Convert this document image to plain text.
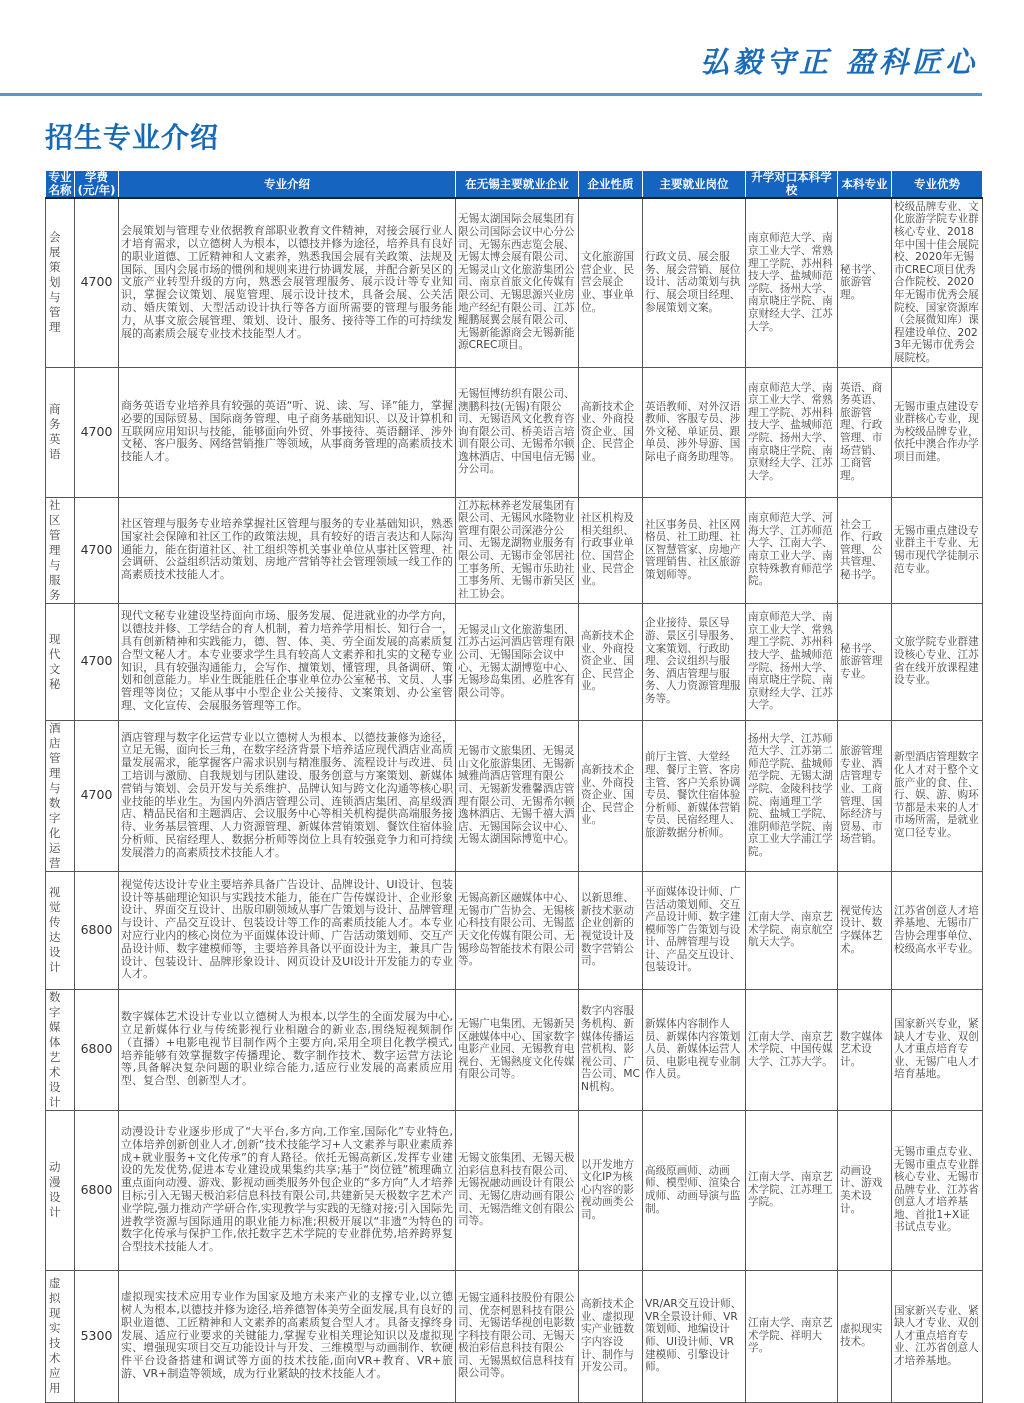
弘毅守正 盈科匠心
招生专业介绍
专业名称	学费(元/年)	专业介绍	在无锡主要就业企业	企业性质	主要就业岗位	升学对口本科学校	本科专业	专业优势
会展策划与管理	4700	会展策划与管理专业依据教育部职业教育文件精神，对接会展行业人才培育需求，以立德树人为根本，以德技并修为途径，培养具有良好的职业道德、工匠精神和人文素养，熟悉我国会展有关政策、法规及国际、国内会展市场的惯例和规则来进行协调发展，并配合新吴区的文旅产业转型升级的方向，熟悉会展管理服务、展示设计等专业知识，掌握会议策划、展览管理、展示设计技术，具备会展、公关活动、婚庆策划、大型活动设计执行等各方面所需要的管理与服务能力，从事文旅会展管理、策划、设计、服务、接待等工作的可持续发展的高素质会展专业技术技能型人才。	无锡太湖国际会展集团有限公司国际会议中心分公司、无锡东西志览会展、无锡太博会展有限公司、无锡灵山文化旅游集团公司、南京首旅文化传媒有限公司、无锡思源兴业房地产经纪有限公司、江苏鲲鹏展翼会展有限公司、无锡新能源商会无锡新能源CREC项目。	文化旅游国营企业、民营会展企业、事业单位。	行政文员、展会服务、展会营销、展位设计、活动策划与执行、展会项目经理、参展策划文案。	南京师范大学、南京工业大学、常熟理工学院、苏州科技大学、盐城师范学院、扬州大学、南京晓庄学院、南京财经大学、江苏大学。	秘书学、旅游管理。	校级品牌专业、文化旅游学院专业群核心专业、2018年中国十佳会展院校、2020年无锡市CREC项目优秀合作院校、2020年无锡市优秀会展院校、国家资源库（会展微知库）课程建设单位、2023年无锡市优秀会展院校。
商务英语	4700	商务英语专业培养具有较强的英语“听、说、读、写、译”能力，掌握必要的国际贸易、国际商务管理、电子商务基础知识、以及计算机和互联网应用知识与技能，能够面向外贸、外事接待、英语翻译、涉外文秘、客户服务、网络营销推广等领域，从事商务管理的高素质技术技能人才。	无锡恒博纺织有限公司、澳鹏科技(无锡)有限公司、无锡语风文化教育咨询有限公司、桥美语言培训有限公司、无锡希尔顿逸林酒店、中国电信无锡分公司。	高新技术企业、外商投资企业、国企、民营企业。	英语教师、对外汉语教师、客服专员、涉外文秘、单证员、跟单员、涉外导游、国际电子商务助理等。	南京师范大学、南京工业大学、常熟理工学院、苏州科技大学、盐城师范学院、扬州大学、南京晓庄学院、南京财经大学、江苏大学。	英语、商务英语、旅游管理、行政管理、市场营销、工商管理。	无锡市重点建设专业群核心专业，现为校级品牌专业，依托中澳合作办学项目而建。
社区管理与服务	4700	社区管理与服务专业培养掌握社区管理与服务的专业基础知识，熟悉国家社会保障和社区工作的政策法规，具有较好的语言表达和人际沟通能力，能在街道社区、社工组织等机关事业单位从事社区管理、社会调研、公益组织活动策划、房地产营销等社会管理领域一线工作的高素质技术技能人才。	江苏耘林养老发展集团有限公司、无锡风水隆物业管理有限公司深港分公司、无锡龙湖物业服务有限公司、无锡市金邻居社工事务所、无锡市乐助社工事务所、无锡市新吴区社工协会。	社区机构及相关组织、行政事业单位、国营企业、民营企业。	社区事务员、社区网格员、社工助理、社区智慧管家、房地产管理销售、社区旅游策划师等。	南京师范大学、河海大学、江苏师范大学、江南大学、南京工业大学、南京特殊教育师范学院。	社会工作、行政管理、公共管理、秘书学。	无锡市重点建设专业群主干专业、无锡市现代学徒制示范专业。
现代文秘	4700	现代文秘专业建设坚持面向市场、服务发展、促进就业的办学方向，以德技并修、工学结合的育人机制，着力培养学用相长、知行合一，具有创新精神和实践能力，德、智、体、美、劳全面发展的高素质复合型文秘人才。本专业要求学生具有较高人文素养和扎实的文秘专业知识，具有较强沟通能力，会写作、擅策划、懂管理，具备调研、策划和创意能力。毕业生既能胜任企事业单位办公室秘书、文员、人事管理等岗位；又能从事中小型企业公关接待、文案策划、办公室管理、文化宣传、会展服务管理等工作。	无锡灵山文化旅游集团、江苏古运河酒店管理有限公司、无锡国际会议中心、无锡太湖博览中心、无锡珍岛集团、必胜客有限公司等。	高新技术企业、外商投资企业、国企、民营企业。	企业接待、景区导游、景区引导服务、文案策划、行政助理、会议组织与服务、酒店管理与服务、人力资源管理服务等。	南京师范大学、南京工业大学、常熟理工学院、苏州科技大学、盐城师范学院、扬州大学、南京晓庄学院、南京财经大学、江苏大学。	秘书学、旅游管理专业。	文旅学院专业群建设核心专业、江苏省在线开放课程建设专业。
酒店管理与数字化运营	4700	酒店管理与数字化运营专业以立德树人为根本、以德技兼修为途径，立足无锡，面向长三角，在数字经济背景下培养适应现代酒店业高质量发展需求，能掌握客户需求识别与精准服务、流程设计与改进、员工培训与激励、自我规划与团队建设、服务创意与方案策划、新媒体营销与策划、会员开发与关系维护、品牌认知与跨文化沟通等核心职业技能的毕业生。为国内外酒店管理公司、连锁酒店集团、高星级酒店、精品民宿和主题酒店、会议服务中心等相关机构提供高端服务接待、业务基层管理、人力资源管理、新媒体营销策划、餐饮住宿体验分析师、民宿经理人、数据分析师等岗位上具有较强竞争力和可持续发展潜力的高素质技术技能人才。	无锡市文旅集团、无锡灵山文化旅游集团、无锡新城雅尚酒店管理有限公司、无锡新发雅馨酒店管理有限公司、无锡希尔顿逸林酒店、无锡千禧大酒店、无锡国际会议中心、无锡太湖国际博览中心。	高新技术企业、外商投资企业、国企、民营企业。	前厅主管、大堂经理、餐厅主管、客房主管、客户关系协调专员、餐饮住宿体验分析师、新媒体营销专员、民宿经理人、旅游数据分析师。	扬州大学、江苏师范大学、江苏第二师范学院、盐城师范学院、无锡太湖学院、金陵科技学院、南通理工学院、盐城工学院、淮阴师范学院、南京工业大学浦江学院。	旅游管理专业、酒店管理专业、工商管理、国际经济与贸易、市场营销。	新型酒店管理数字化人才对于整个文旅产业的食、住、行、娱、游、购环节都是未来的人才市场所需，是就业宽口径专业。
视觉传达设计	6800	视觉传达设计专业主要培养具备广告设计、品牌设计、UI设计、包装设计等基础理论知识与实践技术能力，能在广告传媒设计、企业形象设计、界面交互设计、出版印刷领域从事广告策划与设计、品牌管理与设计、产品交互设计、包装设计等工作的高素质技能人才。本专业对应行业内的核心岗位为平面媒体设计师、广告活动策划师、交互产品设计师、数字建模师等，主要培养具备以平面设计为主，兼具广告设计、包装设计、品牌形象设计、网页设计及UI设计开发能力的专业人才。	无锡高新区融媒体中心、无锡市广告协会、无锡核心科技有限公司、无锡蓝天文化传媒有限公司、无锡珍岛智能技术有限公司等。	以新思维、新技术驱动企业创新的视觉设计及数字营销公司。	平面媒体设计师、广告活动策划师、交互产品设计师、数字建模师等广告策划与设计、品牌管理与设计、产品交互设计、包装设计。	江南大学、南京艺术学院、南京航空航天大学。	视觉传达设计、数字媒体艺术。	江苏省创意人才培养基地、无锡市广告协会理事单位、校级高水平专业。
数字媒体艺术设计	6800	数字媒体艺术设计专业以立德树人为根本,以学生的全面发展为中心,立足新媒体行业与传统影视行业相融合的新业态,围绕短视频制作（直播）+电影电视节目制作两个主要方向,采用全项目化教学模式,培养能够有效掌握数字传播理论、数字制作技术、数字运营方法论等,具备解决复杂问题的职业综合能力,适应行业发展的高素质应用型、复合型、创新型人才。	无锡广电集团、无锡新吴区融媒体中心、国家数字电影产业园、无锡教育电视台、无锡熱度文化传媒有限公司等。	数字内容服务机构、新媒体传播运营机构、影视公司、广告公司、MCN机构。	新媒体内容制作人员、新媒体内容策划人员、新媒体运营人员、电影电视专业制作人员。	江南大学、南京艺术学院、中国传媒大学、江苏大学。	数字媒体艺术设计。	国家新兴专业，紧缺人才专业、双创人才重点培育专业、无锡广电人才培育基地。
动漫设计	6800	动漫设计专业逐步形成了“大平台,多方向,工作室,国际化”专业特色,立体培养创新创业人才,创新“技术技能学习+人文素养与职业素质养成+就业服务+文化传承”的育人路径。依托无锡高新区,发挥专业建设的先发优势,促进本专业建设成果集约共享;基于“岗位链”梳理确立重点面向动漫、游戏、影视动画类服务外包企业的“多方向”人才培养目标;引入无锡天极泊彩信息科技有限公司,共建新吴天极数字艺术产业学院,强力推动产学研合作,实现教学与实践的无缝对接;引入国际先进教学资源与国际通用的职业能力标准;积极开展以“非遗”为特色的数字化传承与保护工作,依托数字艺术学院的专业群优势,培养跨界复合型技术技能人才。	无锡文旅集团、无锡天极泊彩信息科技有限公司、无锡祝融动画设计有限公司、无锡亿唐动画有限公司、无锡浩维文创有限公司等。	以开发地方文化IP为核心内容的影视动画类公司。	高级原画师、动画师、模型师、渲染合成师、动画导演与监制。	江南大学、南京艺术学院、江苏理工学院。	动画设计、游戏美术设计。	无锡市重点专业、无锡市重点专业群核心专业、无锡市品牌专业、江苏省创意人才培养基地、首批1+X证书试点专业。
虚拟现实技术应用	5300	虚拟现实技术应用专业作为国家及地方未来产业的支撑专业,以立德树人为根本,以德技并修为途径,培养德智体美劳全面发展,具有良好的职业道德、工匠精神和人文素养的高素质复合型人才。具备支撑终身发展、适应行业要求的关键能力,掌握专业相关理论知识以及虚拟现实、增强现实项目交互功能设计与开发、三维模型与动画制作、软硬件平台设备搭建和调试等方面的技术技能,面向VR+教育、VR+旅游、VR+制造等领域，成为行业紧缺的技术技能人才。	无锡宝通科技股份有限公司、优奈柯恩科技有限公司、无锡诺华视创电影数字科技有限公司、无锡天极泊彩信息科技有限公司、无锡黑蚁信息科技有限公司等。	高新技术企业、虚拟现实产业链数字内容设计、制作与开发公司。	VR/AR交互设计师、VR全景设计师、VR策划师、地编设计师、UI设计师、VR建模师、引擎设计师。	江南大学、南京艺术学院、祥明大学。	虚拟现实技术。	国家新兴专业、紧缺人才专业、双创人才重点培育专业、江苏省创意人才培养基地。
